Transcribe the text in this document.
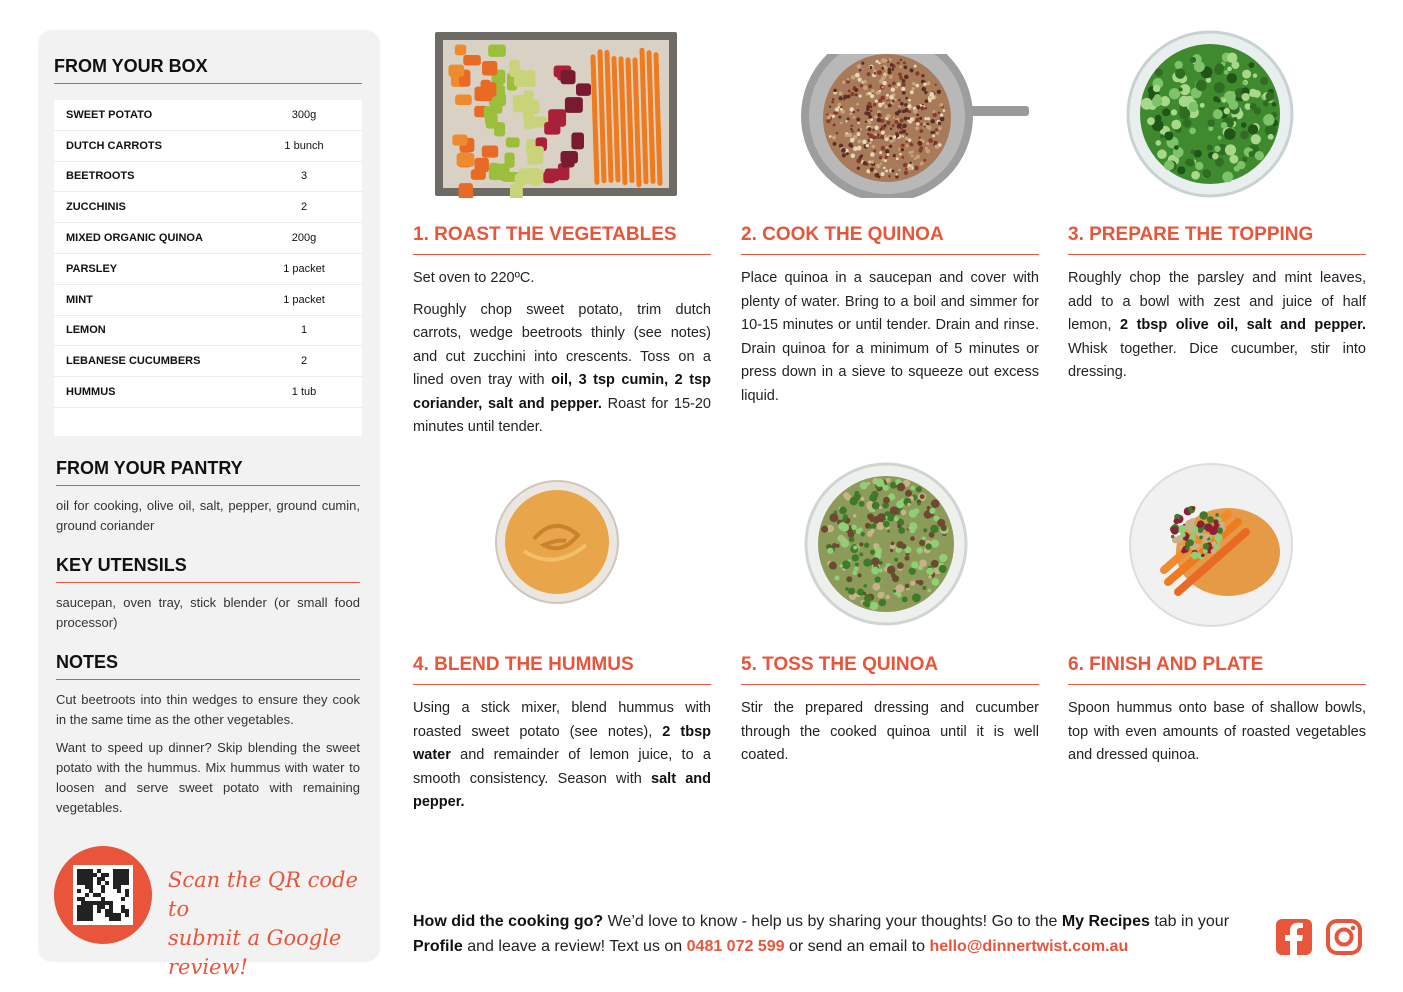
FROM YOUR BOX
SWEET POTATO	300g
DUTCH CARROTS	1 bunch
BEETROOTS	3
ZUCCHINIS	2
MIXED ORGANIC QUINOA	200g
PARSLEY	1 packet
MINT	1 packet
LEMON	1
LEBANESE CUCUMBERS	2
HUMMUS	1 tub
FROM YOUR PANTRY
oil for cooking, olive oil, salt, pepper, ground cumin, ground coriander
KEY UTENSILS
saucepan, oven tray, stick blender (or small food processor)
NOTES

Cut beetroots into thin wedges to ensure they cook in the same time as the other vegetables.

Want to speed up dinner? Skip blending the sweet potato with the hummus. Mix hummus with water to loosen and serve sweet potato with remaining vegetables.

Scan the QR code to
submit a Google review!
1. ROAST THE VEGETABLES

Set oven to 220ºC.

Roughly chop sweet potato, trim dutch carrots, wedge beetroots thinly (see notes) and cut zucchini into crescents. Toss on a lined oven tray with oil, 3 tsp cumin, 2 tsp coriander, salt and pepper. Roast for 15-20 minutes until tender.

2. COOK THE QUINOA

Place quinoa in a saucepan and cover with plenty of water. Bring to a boil and simmer for 10-15 minutes or until tender. Drain and rinse. Drain quinoa for a minimum of 5 minutes or press down in a sieve to squeeze out excess liquid.

3. PREPARE THE TOPPING

Roughly chop the parsley and mint leaves, add to a bowl with zest and juice of half lemon, 2 tbsp olive oil, salt and pepper. Whisk together. Dice cucumber, stir into dressing.

4. BLEND THE HUMMUS

Using a stick mixer, blend hummus with roasted sweet potato (see notes), 2 tbsp water and remainder of lemon juice, to a smooth consistency. Season with salt and pepper.

5. TOSS THE QUINOA

Stir the prepared dressing and cucumber through the cooked quinoa until it is well coated.

6. FINISH AND PLATE

Spoon hummus onto base of shallow bowls, top with even amounts of roasted vegetables and dressed quinoa.

How did the cooking go? We’d love to know - help us by sharing your thoughts! Go to the My Recipes tab in your Profile and leave a review! Text us on 0481 072 599 or send an email to hello@dinnertwist.com.au
